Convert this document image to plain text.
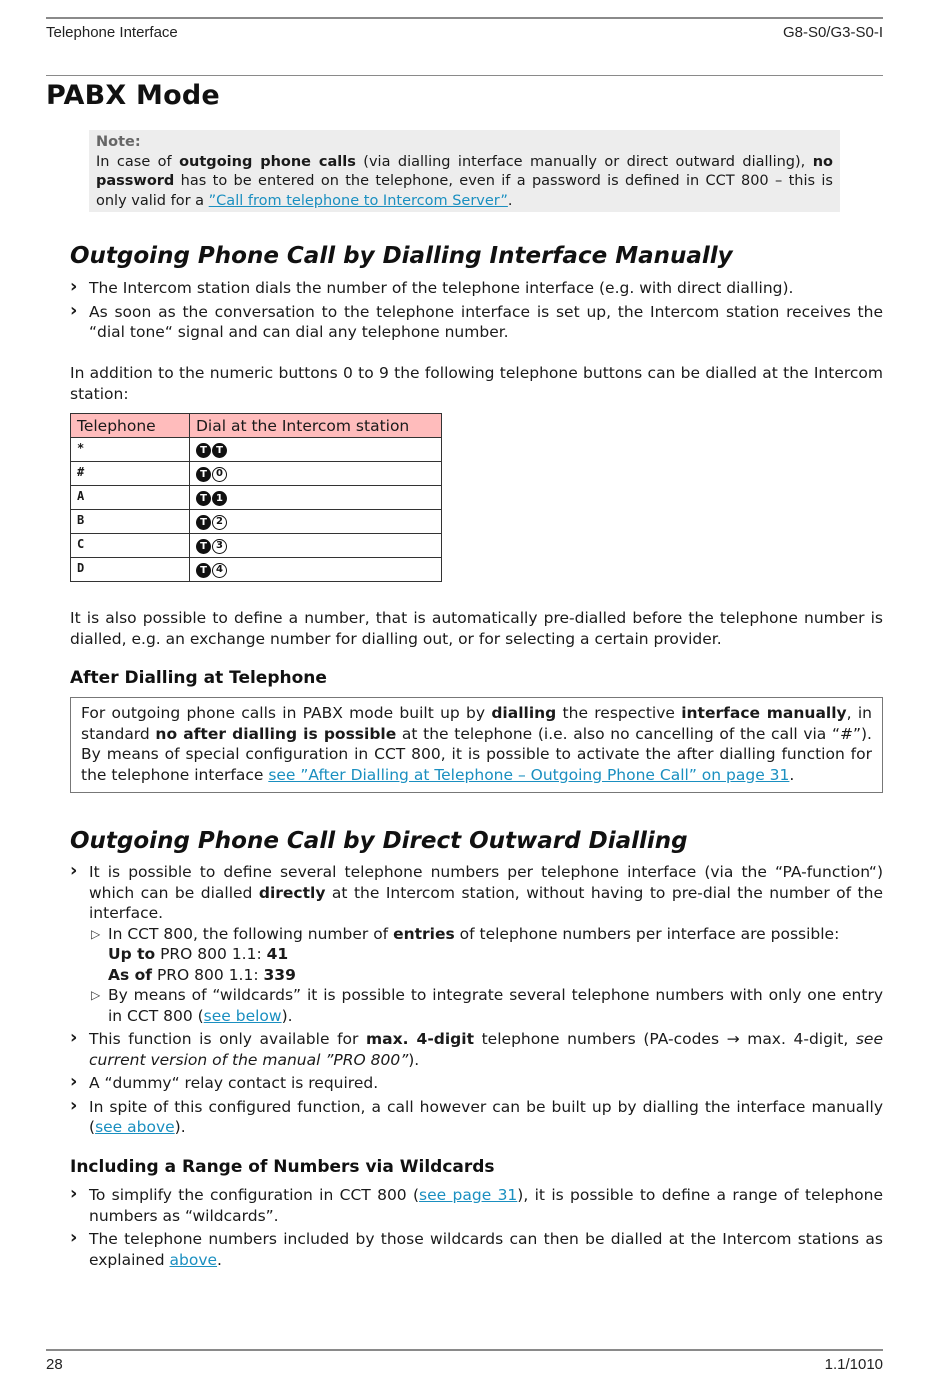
Telephone Interface	G8-S0/G3-S0-I
PABX Mode
Note:
In case of outgoing phone calls (via dialling interface manually or direct outward dialling), no password has to be entered on the telephone, even if a password is defined in CCT 800 – this is only valid for a ”Call from telephone to Intercom Server”.
Outgoing Phone Call by Dialling Interface Manually
› The Intercom station dials the number of the telephone interface (e.g. with direct dialling).
› As soon as the conversation to the telephone interface is set up, the Intercom station receives the “dial tone“ signal and can dial any telephone number.

In addition to the numeric buttons 0 to 9 the following telephone buttons can be dialled at the Intercom station:

Telephone	Dial at the Intercom station
*	T T
#	T 0
A	T 1
B	T 2
C	T 3
D	T 4

It is also possible to define a number, that is automatically pre-dialled before the telephone number is dialled, e.g. an exchange number for dialling out, or for selecting a certain provider.

After Dialling at Telephone
For outgoing phone calls in PABX mode built up by dialling the respective interface manually, in standard no after dialling is possible at the telephone (i.e. also no cancelling of the call via “#”). By means of special configuration in CCT 800, it is possible to activate the after dialling function for the telephone interface see ”After Dialling at Telephone – Outgoing Phone Call” on page 31.
Outgoing Phone Call by Direct Outward Dialling
› It is possible to define several telephone numbers per telephone interface (via the “PA-function“) which can be dialled directly at the Intercom station, without having to pre-dial the number of the interface.
▷ In CCT 800, the following number of entries of telephone numbers per interface are possible:
Up to PRO 800 1.1: 41
As of PRO 800 1.1: 339
▷ By means of “wildcards” it is possible to integrate several telephone numbers with only one entry in CCT 800 (see below).
› This function is only available for max. 4-digit telephone numbers (PA-codes → max. 4-digit, see current version of the manual ”PRO 800”).
› A “dummy“ relay contact is required.
› In spite of this configured function, a call however can be built up by dialling the interface manually (see above).
Including a Range of Numbers via Wildcards
› To simplify the configuration in CCT 800 (see page 31), it is possible to define a range of telephone numbers as “wildcards”.
› The telephone numbers included by those wildcards can then be dialled at the Intercom stations as explained above.
28	1.1/1010
